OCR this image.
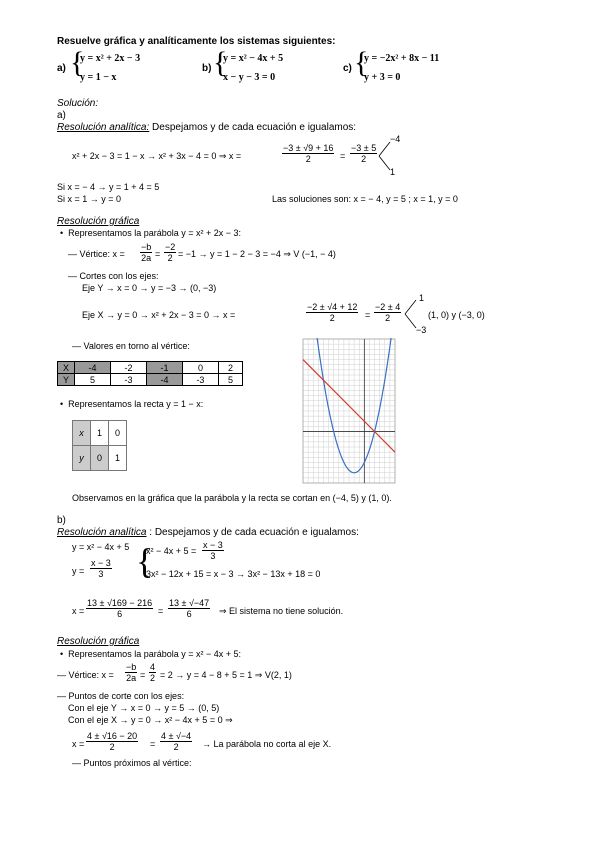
Resuelve gráfica y analíticamente los sistemas siguientes:
a) {
y = x² + 2x − 3
y = 1 − x
b) {
y = x² − 4x + 5
x − y − 3 = 0
c) {
y = −2x² + 8x − 11
y + 3 = 0
Solución:
a)
Resolución analítica: Despejamos y de cada ecuación e igualamos:
x² + 2x − 3 = 1 − x → x² + 3x − 4 = 0 ⇒ x =	$\frac{-3 \pm √9 + 16}{2} = \frac{-3 \pm 5}{2}$
−4
1
Si x = − 4 → y = 1 + 4 = 5
Si x = 1 → y = 0	Las soluciones son: x = − 4, y = 5 ; x = 1, y = 0
Resolución gráfica
•  Representamos la parábola y = x² + 2x − 3:
— Vértice: $x = \frac{-b}{2a} = \frac{-2}{2} = -1 \to y = 1 - 2 - 3 = -4$ ⇒ V (−1, − 4)
— Cortes con los ejes:
Eje Y → x = 0 → y = −3 → (0, −3)
Eje X → y = 0 → x² + 2x − 3 = 0 → x =	$\frac{-2 \pm √4 + 12}{2} = \frac{-2 \pm 4}{2}$
1
−3
(1, 0) y (−3, 0)
— Valores en torno al vértice:
X	-4	-2	-1	0	2
Y	5	-3	-4	-3	5
•  Representamos la recta y = 1 − x:
x	1	0
y	0	1
Observamos en la gráfica que la parábola y la recta se cortan en (−4, 5) y (1, 0).
b)
Resolución analítica : Despejamos y de cada ecuación e igualamos:
y = x² − 4x + 5
$y = \frac{x - 3}{3}$ {
$x^2 - 4x + 5 = \frac{x - 3}{3}$
3x² − 12x + 15 = x − 3 → 3x² − 13x + 18 = 0
$x = \frac{13 \pm √169 - 216}{6} = \frac{13 \pm √-47}{6}$ ⇒ El sistema no tiene solución.
Resolución gráfica
•  Representamos la parábola y = x² − 4x + 5:
— Vértice: $x = \frac{-b}{2a} = \frac{4}{2} = 2 \to y = 4 - 8 + 5 = 1$ ⇒ V(2, 1)
— Puntos de corte con los ejes:
Con el eje Y → x = 0 → y = 5 → (0, 5)
Con el eje X → y = 0 → x² − 4x + 5 = 0 ⇒
$x = \frac{4 \pm √16 - 20}{2} = \frac{4 \pm √-4}{2} \to La$ parábola no corta al eje X.
— Puntos próximos al vértice:
